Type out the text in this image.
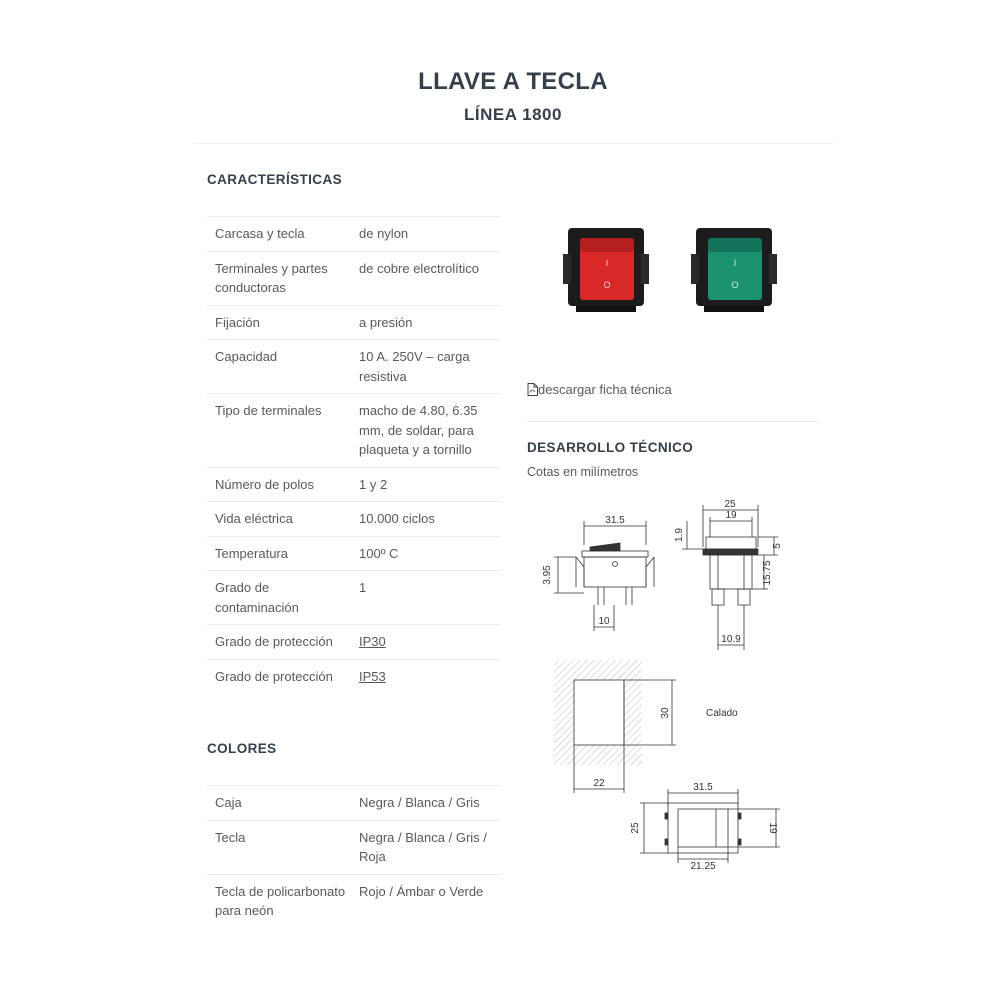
LLAVE A TECLA
LÍNEA 1800
CARACTERÍSTICAS
Carcasa y tecla	de nylon
Terminales y partes conductoras	de cobre electrolítico
Fijación	a presión
Capacidad	10 A. 250V – carga resistiva
Tipo de terminales	macho de 4.80, 6.35 mm, de soldar, para plaqueta y a tornillo
Número de polos	1 y 2
Vida eléctrica	10.000 ciclos
Temperatura	100º C
Grado de contaminación	1
Grado de protección	IP30
Grado de protección	IP53
COLORES
Caja	Negra / Blanca / Gris
Tecla	Negra / Blanca / Gris / Roja
Tecla de policarbonato para neón	Rojo / Ámbar o Verde
I
O
I
O
descargar ficha técnica
DESARROLLO TÉCNICO
Cotas en milímetros
31.5
3.95
10
25
19
1.9
5
15.75
10.9
30	Calado
22	31.5
25	19
21.25
